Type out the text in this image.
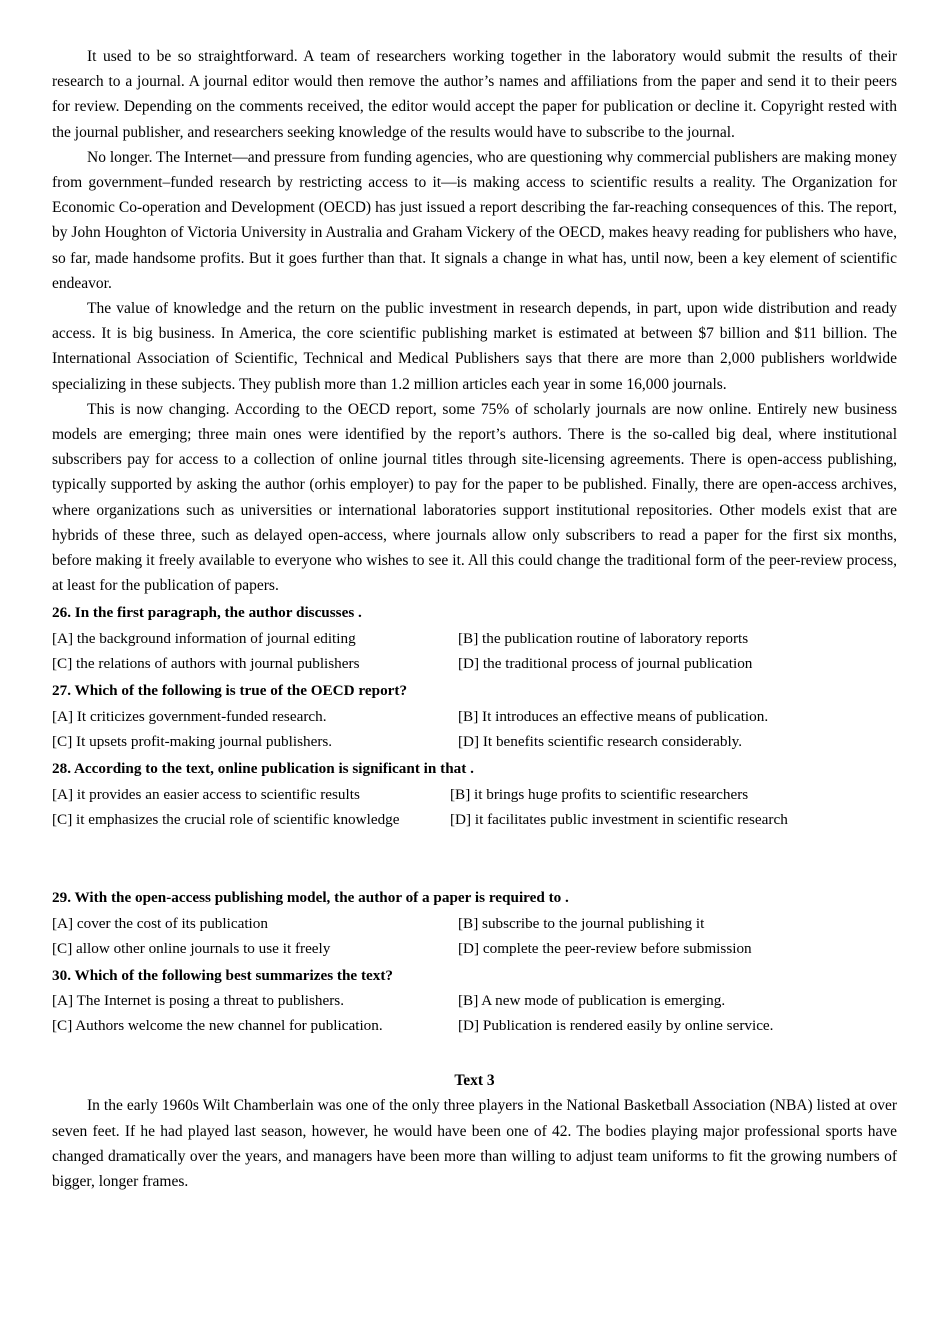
It used to be so straightforward. A team of researchers working together in the laboratory would submit the results of their research to a journal. A journal editor would then remove the author’s names and affiliations from the paper and send it to their peers for review. Depending on the comments received, the editor would accept the paper for publication or decline it. Copyright rested with the journal publisher, and researchers seeking knowledge of the results would have to subscribe to the journal.

No longer. The Internet—and pressure from funding agencies, who are questioning why commercial publishers are making money from government–funded research by restricting access to it—is making access to scientific results a reality. The Organization for Economic Co-operation and Development (OECD) has just issued a report describing the far-reaching consequences of this. The report, by John Houghton of Victoria University in Australia and Graham Vickery of the OECD, makes heavy reading for publishers who have, so far, made handsome profits. But it goes further than that. It signals a change in what has, until now, been a key element of scientific endeavor.

The value of knowledge and the return on the public investment in research depends, in part, upon wide distribution and ready access. It is big business. In America, the core scientific publishing market is estimated at between $7 billion and $11 billion. The International Association of Scientific, Technical and Medical Publishers says that there are more than 2,000 publishers worldwide specializing in these subjects. They publish more than 1.2 million articles each year in some 16,000 journals.

This is now changing. According to the OECD report, some 75% of scholarly journals are now online. Entirely new business models are emerging; three main ones were identified by the report’s authors. There is the so-called big deal, where institutional subscribers pay for access to a collection of online journal titles through site-licensing agreements. There is open-access publishing, typically supported by asking the author (orhis employer) to pay for the paper to be published. Finally, there are open-access archives, where organizations such as universities or international laboratories support institutional repositories. Other models exist that are hybrids of these three, such as delayed open-access, where journals allow only subscribers to read a paper for the first six months, before making it freely available to everyone who wishes to see it. All this could change the traditional form of the peer-review process, at least for the publication of papers.

26. In the first paragraph, the author discusses .

[A] the background information of journal editing	[B] the publication routine of laboratory reports
[C] the relations of authors with journal publishers	[D] the traditional process of journal publication

27. Which of the following is true of the OECD report?

[A] It criticizes government-funded research.	[B] It introduces an effective means of publication.
[C] It upsets profit-making journal publishers.	[D] It benefits scientific research considerably.

28. According to the text, online publication is significant in that .

[A] it provides an easier access to scientific results	[B] it brings huge profits to scientific researchers
[C] it emphasizes the crucial role of scientific knowledge	[D] it facilitates public investment in scientific research

29. With the open-access publishing model, the author of a paper is required to .

[A] cover the cost of its publication	[B] subscribe to the journal publishing it
[C] allow other online journals to use it freely	[D] complete the peer-review before submission

30. Which of the following best summarizes the text?

[A] The Internet is posing a threat to publishers.	[B] A new mode of publication is emerging.
[C] Authors welcome the new channel for publication.	[D] Publication is rendered easily by online service.

Text 3

In the early 1960s Wilt Chamberlain was one of the only three players in the National Basketball Association (NBA) listed at over seven feet. If he had played last season, however, he would have been one of 42. The bodies playing major professional sports have changed dramatically over the years, and managers have been more than willing to adjust team uniforms to fit the growing numbers of bigger, longer frames.
